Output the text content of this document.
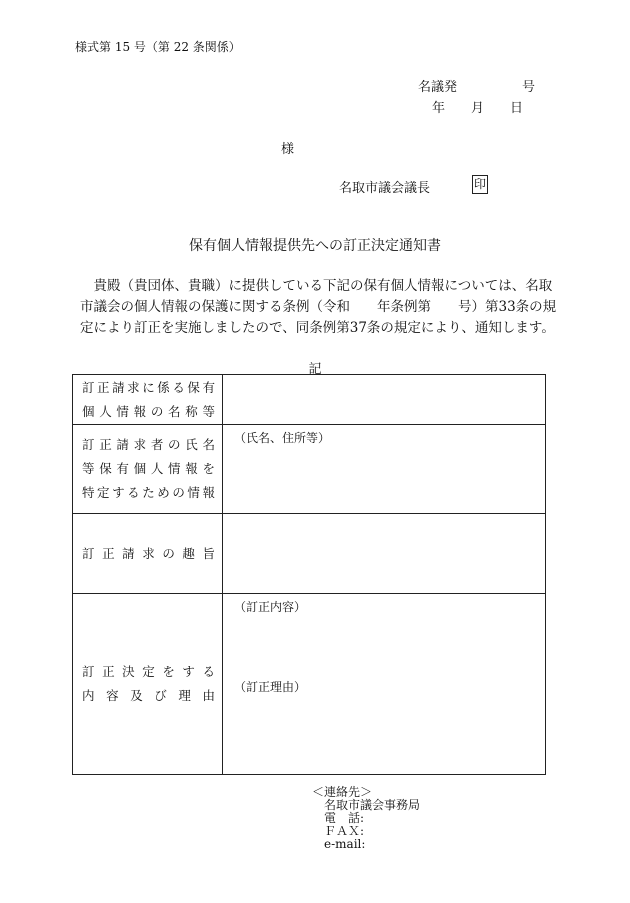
様式第 15 号（第 22 条関係）
名議発　　　　　号
年　　月　　日
様
名取市議会議長	印
保有個人情報提供先への訂正決定通知書

　貴殿（貴団体、貴職）に提供している下記の保有個人情報については、名取

市議会の個人情報の保護に関する条例（令和　　年条例第　　号）第33条の規

定により訂正を実施しましたので、同条例第37条の規定により、通知します。

記
訂正請求に係る保有
個人情報の名称等	

訂正請求者の氏名
等保有個人情報を
特定するための情報	（氏名、住所等）

訂正請求の趣旨	

訂正決定をする
内容及び理由	（訂正内容）
（訂正理由）
＜連絡先＞
名取市議会事務局
電　話:
ＦＡＸ:
e-mail:
